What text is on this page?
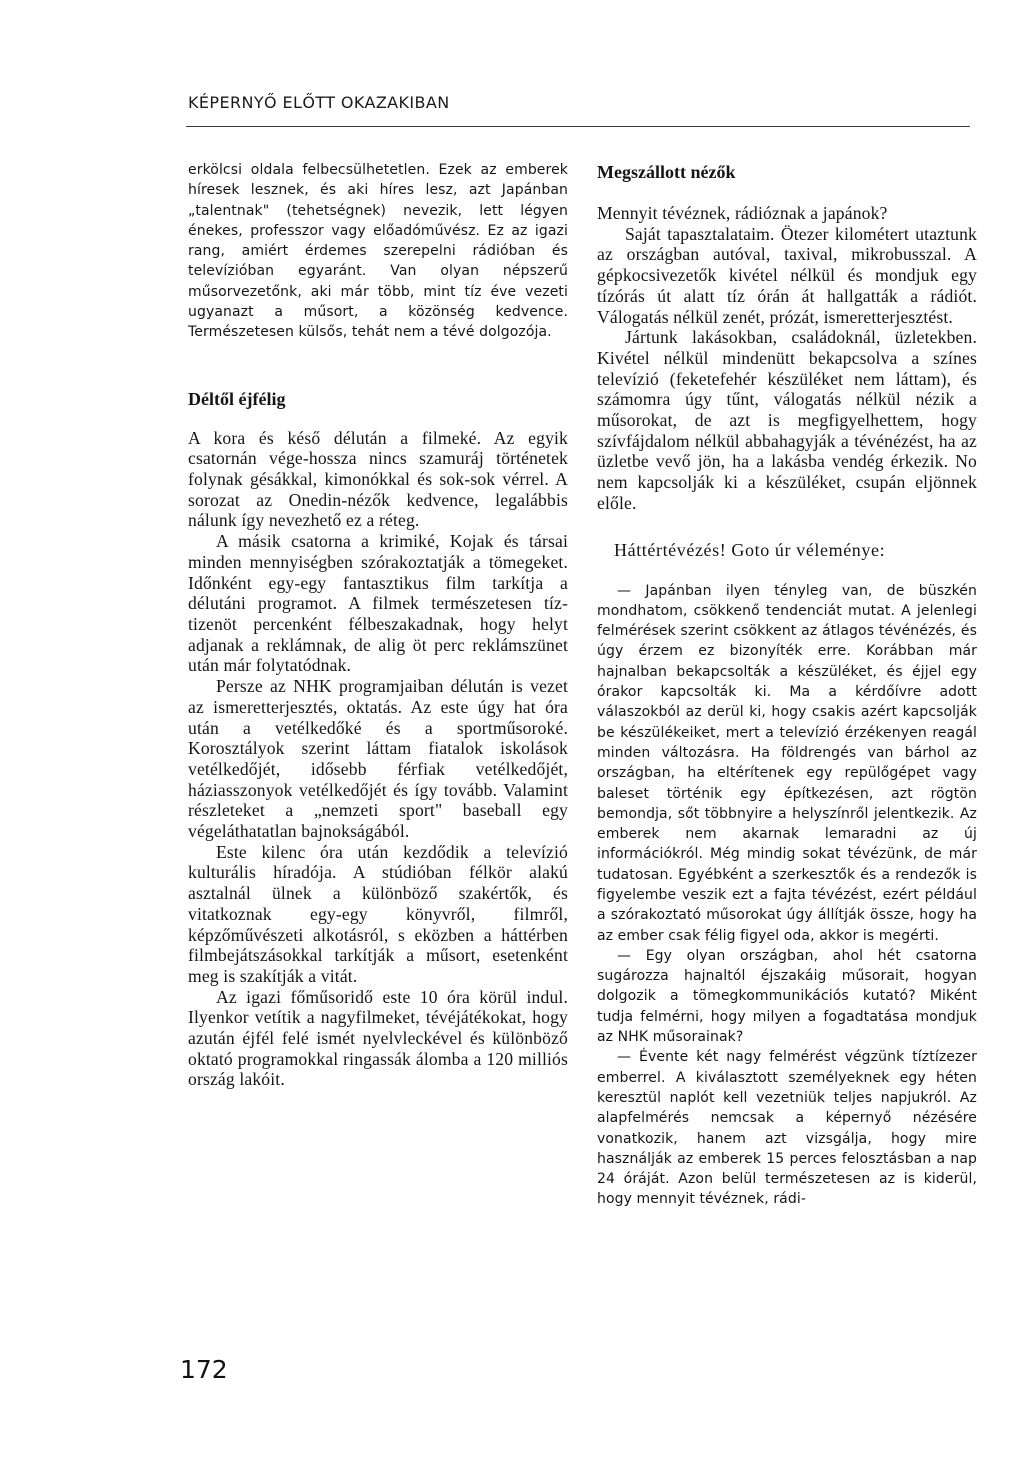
KÉPERNYŐ ELŐTT OKAZAKIBAN

erkölcsi oldala felbecsülhetetlen. Ezek az emberek híresek lesznek, és aki híres lesz, azt Japánban „talentnak" (tehetségnek) nevezik, lett légyen énekes, professzor vagy előadóművész. Ez az igazi rang, amiért érdemes szerepelni rádióban és televízióban egyaránt. Van olyan népszerű műsorvezetőnk, aki már több, mint tíz éve vezeti ugyanazt a műsort, a közönség kedvence. Természetesen külsős, tehát nem a tévé dolgozója.

Déltől éjfélig

A kora és késő délután a filmeké. Az egyik csatornán vége-hossza nincs szamuráj történetek folynak gésákkal, kimonókkal és sok-sok vérrel. A sorozat az Onedin-nézők kedvence, legalábbis nálunk így nevezhető ez a réteg.

A másik csatorna a krimiké, Kojak és társai minden mennyiségben szórakoztatják a tömegeket. Időnként egy-egy fantasztikus film tarkítja a délutáni programot. A filmek természetesen tíz-tizenöt percenként félbeszakadnak, hogy helyt adjanak a reklámnak, de alig öt perc reklámszünet után már folytatódnak.

Persze az NHK programjaiban délután is vezet az ismeretterjesztés, oktatás. Az este úgy hat óra után a vetélkedőké és a sportműsoroké. Korosztályok szerint láttam fiatalok iskolások vetélkedőjét, idősebb férfiak vetélkedőjét, háziasszonyok vetélkedőjét és így tovább. Valamint részleteket a „nemzeti sport" baseball egy végeláthatatlan bajnokságából.

Este kilenc óra után kezdődik a televízió kulturális híradója. A stúdióban félkör alakú asztalnál ülnek a különböző szakértők, és vitatkoznak egy-egy könyvről, filmről, képzőművészeti alkotásról, s eközben a háttérben filmbejátszásokkal tarkítják a műsort, esetenként meg is szakítják a vitát.

Az igazi főműsoridő este 10 óra körül indul. Ilyenkor vetítik a nagyfilmeket, tévéjátékokat, hogy azután éjfél felé ismét nyelvleckével és különböző oktató programokkal ringassák álomba a 120 milliós ország lakóit.

Megszállott nézők

Mennyit tévéznek, rádióznak a japánok?

Saját tapasztalataim. Ötezer kilométert utaztunk az országban autóval, taxival, mikrobusszal. A gépkocsivezetők kivétel nélkül és mondjuk egy tízórás út alatt tíz órán át hallgatták a rádiót. Válogatás nélkül zenét, prózát, ismeretterjesztést.

Jártunk lakásokban, családoknál, üzletekben. Kivétel nélkül mindenütt bekapcsolva a színes televízió (feketefehér készüléket nem láttam), és számomra úgy tűnt, válogatás nélkül nézik a műsorokat, de azt is megfigyelhettem, hogy szívfájdalom nélkül abbahagyják a tévénézést, ha az üzletbe vevő jön, ha a lakásba vendég érkezik. No nem kapcsolják ki a készüléket, csupán eljönnek előle.

Háttértévézés! Goto úr véleménye:

— Japánban ilyen tényleg van, de büszkén mondhatom, csökkenő tendenciát mutat. A jelenlegi felmérések szerint csökkent az átlagos tévénézés, és úgy érzem ez bizonyíték erre. Korábban már hajnalban bekapcsolták a készüléket, és éjjel egy órakor kapcsolták ki. Ma a kérdőívre adott válaszokból az derül ki, hogy csakis azért kapcsolják be készülékeiket, mert a televízió érzékenyen reagál minden változásra. Ha földrengés van bárhol az országban, ha eltérítenek egy repülőgépet vagy baleset történik egy építkezésen, azt rögtön bemondja, sőt többnyire a helyszínről jelentkezik. Az emberek nem akarnak lemaradni az új információkról. Még mindig sokat tévézünk, de már tudatosan. Egyébként a szerkesztők és a rendezők is figyelembe veszik ezt a fajta tévézést, ezért például a szórakoztató műsorokat úgy állítják össze, hogy ha az ember csak félig figyel oda, akkor is megérti.

— Egy olyan országban, ahol hét csatorna sugározza hajnaltól éjszakáig műsorait, hogyan dolgozik a tömegkommunikációs kutató? Miként tudja felmérni, hogy milyen a fogadtatása mondjuk az NHK műsorainak?

— Évente két nagy felmérést végzünk tíztízezer emberrel. A kiválasztott személyeknek egy héten keresztül naplót kell vezetniük teljes napjukról. Az alapfelmérés nemcsak a képernyő nézésére vonatkozik, hanem azt vizsgálja, hogy mire használják az emberek 15 perces felosztásban a nap 24 óráját. Azon belül természetesen az is kiderül, hogy mennyit tévéznek, rádi-

172
